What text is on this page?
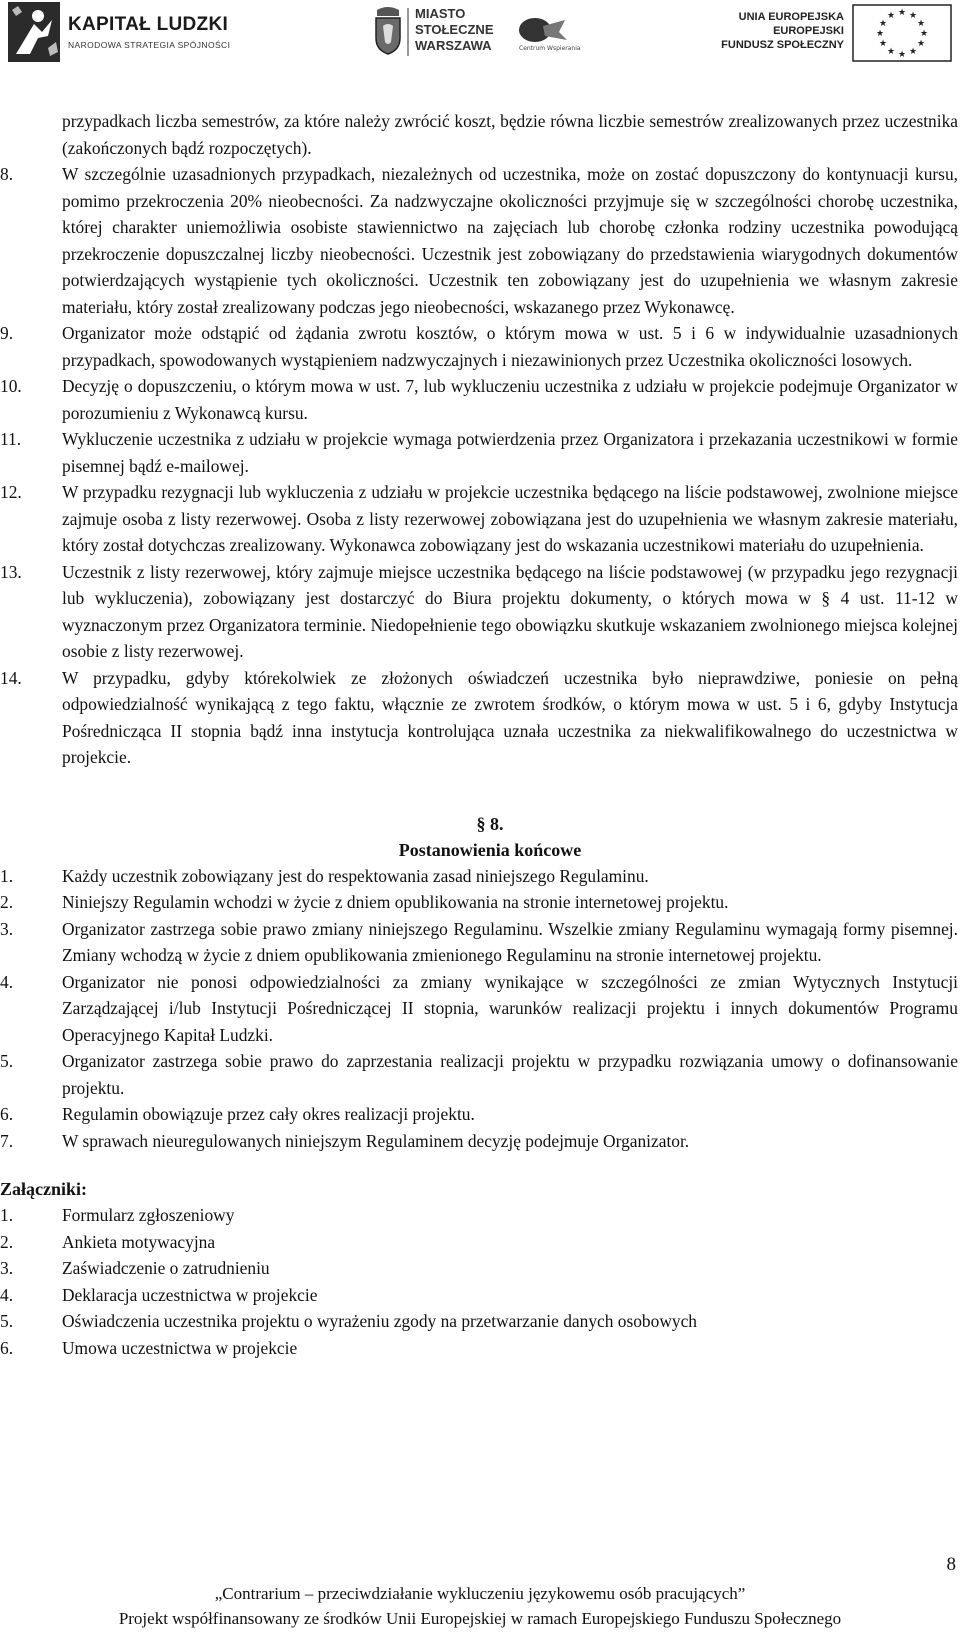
KAPITAŁ LUDZKI
NARODOWA STRATEGIA SPÓJNOŚCI
MIASTO
STOŁECZNE
WARSZAWA	Centrum Wspierania
UNIA EUROPEJSKA
EUROPEJSKI
FUNDUSZ SPOŁECZNY
★ ★
★
★
★
★
★
★
★
★
★
★
przypadkach liczba semestrów, za które należy zwrócić koszt, będzie równa liczbie semestrów zrealizowanych przez uczestnika (zakończonych bądź rozpoczętych).
8.	W szczególnie uzasadnionych przypadkach, niezależnych od uczestnika, może on zostać dopuszczony do kontynuacji kursu, pomimo przekroczenia 20% nieobecności. Za nadzwyczajne okoliczności przyjmuje się w szczególności chorobę uczestnika, której charakter uniemożliwia osobiste stawiennictwo na zajęciach lub chorobę członka rodziny uczestnika powodującą przekroczenie dopuszczalnej liczby nieobecności. Uczestnik jest zobowiązany do przedstawienia wiarygodnych dokumentów potwierdzających wystąpienie tych okoliczności. Uczestnik ten zobowiązany jest do uzupełnienia we własnym zakresie materiału, który został zrealizowany podczas jego nieobecności, wskazanego przez Wykonawcę.
9.	Organizator może odstąpić od żądania zwrotu kosztów, o którym mowa w ust. 5 i 6 w indywidualnie uzasadnionych przypadkach, spowodowanych wystąpieniem nadzwyczajnych i niezawinionych przez Uczestnika okoliczności losowych.
10.	Decyzję o dopuszczeniu, o którym mowa w ust. 7, lub wykluczeniu uczestnika z udziału w projekcie podejmuje Organizator w porozumieniu z Wykonawcą kursu.
11.	Wykluczenie uczestnika z udziału w projekcie wymaga potwierdzenia przez Organizatora i przekazania uczestnikowi w formie pisemnej bądź e-mailowej.
12.	W przypadku rezygnacji lub wykluczenia z udziału w projekcie uczestnika będącego na liście podstawowej, zwolnione miejsce zajmuje osoba z listy rezerwowej. Osoba z listy rezerwowej zobowiązana jest do uzupełnienia we własnym zakresie materiału, który został dotychczas zrealizowany. Wykonawca zobowiązany jest do wskazania uczestnikowi materiału do uzupełnienia.
13.	Uczestnik z listy rezerwowej, który zajmuje miejsce uczestnika będącego na liście podstawowej (w przypadku jego rezygnacji lub wykluczenia), zobowiązany jest dostarczyć do Biura projektu dokumenty, o których mowa w § 4 ust. 11-12 w wyznaczonym przez Organizatora terminie. Niedopełnienie tego obowiązku skutkuje wskazaniem zwolnionego miejsca kolejnej osobie z listy rezerwowej.
14.	W przypadku, gdyby którekolwiek ze złożonych oświadczeń uczestnika było nieprawdziwe, poniesie on pełną odpowiedzialność wynikającą z tego faktu, włącznie ze zwrotem środków, o którym mowa w ust. 5 i 6, gdyby Instytucja Pośrednicząca II stopnia bądź inna instytucja kontrolująca uznała uczestnika za niekwalifikowalnego do uczestnictwa w projekcie.
§ 8.
Postanowienia końcowe
1.	Każdy uczestnik zobowiązany jest do respektowania zasad niniejszego Regulaminu.
2.	Niniejszy Regulamin wchodzi w życie z dniem opublikowania na stronie internetowej projektu.
3.	Organizator zastrzega sobie prawo zmiany niniejszego Regulaminu. Wszelkie zmiany Regulaminu wymagają formy pisemnej. Zmiany wchodzą w życie z dniem opublikowania zmienionego Regulaminu na stronie internetowej projektu.
4.	Organizator nie ponosi odpowiedzialności za zmiany wynikające w szczególności ze zmian Wytycznych Instytucji Zarządzającej i/lub Instytucji Pośredniczącej II stopnia, warunków realizacji projektu i innych dokumentów Programu Operacyjnego Kapitał Ludzki.
5.	Organizator zastrzega sobie prawo do zaprzestania realizacji projektu w przypadku rozwiązania umowy o dofinansowanie projektu.
6.	Regulamin obowiązuje przez cały okres realizacji projektu.
7.	W sprawach nieuregulowanych niniejszym Regulaminem decyzję podejmuje Organizator.
Załączniki:
1.	Formularz zgłoszeniowy
2.	Ankieta motywacyjna
3.	Zaświadczenie o zatrudnieniu
4.	Deklaracja uczestnictwa w projekcie
5.	Oświadczenia uczestnika projektu o wyrażeniu zgody na przetwarzanie danych osobowych
6.	Umowa uczestnictwa w projekcie
8
„Contrarium – przeciwdziałanie wykluczeniu językowemu osób pracujących”
Projekt współfinansowany ze środków Unii Europejskiej w ramach Europejskiego Funduszu Społecznego
